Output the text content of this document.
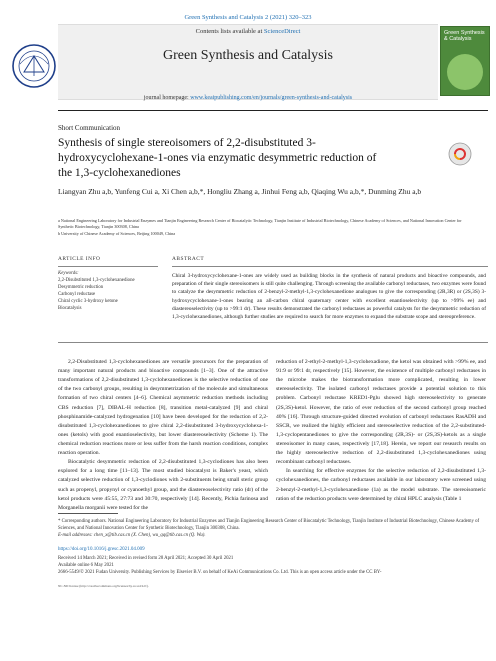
Green Synthesis and Catalysis 2 (2021) 320–323
Contents lists available at ScienceDirect
Green Synthesis and Catalysis
journal homepage: www.keaipublishing.com/en/journals/green-synthesis-and-catalysis
Green Synthesis & Catalysis
Short Communication
Synthesis of single stereoisomers of 2,2-disubstituted 3-hydroxycyclohexane-1-ones via enzymatic desymmetric reduction of the 1,3-cyclohexanediones
Liangyan Zhu a,b, Yunfeng Cui a, Xi Chen a,b,*, Hongliu Zhang a, Jinhui Feng a,b, Qiaqing Wu a,b,*, Dunming Zhu a,b
a National Engineering Laboratory for Industrial Enzymes and Tianjin Engineering Research Center of Biocatalytic Technology, Tianjin Institute of Industrial Biotechnology, Chinese Academy of Sciences, and National Innovation Center for Synthetic Biotechnology, Tianjin 300308, China
b University of Chinese Academy of Sciences, Beijing 100049, China
ARTICLE INFO	ABSTRACT
Keywords:
2,2-Disubstituted 1,3-cyclohexanedione
Desymmetric reduction
Carbonyl reductase
Chiral cyclic 3-hydroxy ketone
Biocatalysis
Chiral 3-hydroxycyclohexane-1-ones are widely used as building blocks in the synthesis of natural products and bioactive compounds, and preparation of their single stereoisomers is still quite challenging. Through screening the available carbonyl reductases, two enzymes were found to catalyze the desymmetric reduction of 2-benzyl-2-methyl-1,3-cyclohexanedione analogues to give the corresponding (2R,3R) or (2S,3S) 3-hydroxycyclohexane-1-ones bearing an all-carbon chiral quaternary center with excellent enantioselectivity (up to >99% ee) and diastereoselectivity (up to >99:1 dr). These results demonstrated the carbonyl reductases as powerful catalysts for the desymmetric reduction of 1,3-cyclohexanediones, although further studies are required to search for more enzymes to expand the substrate scope and stereopreference.

2,2-Disubstituted 1,3-cyclohexanediones are versatile precursors for the preparation of many important natural products and bioactive compounds [1–3]. One of the attractive transformations of 2,2-disubstituted 1,3-cyclohexanediones is the selective reduction of one of the two carbonyl groups, resulting in desymmetrization of the molecule and simultaneous formation of two chiral centers [4–6]. Chemical asymmetric reduction methods including CBS reduction [7], DIBAL-H reduction [8], transition metal-catalyzed [9] and chiral phosphinamide-catalyzed hydrogenation [10] have been developed for the reduction of 2,2-disubstituted 1,3-cyclohexanediones to give chiral 2,2-disubstituted 3-hydroxycyclohexa-1-ones (ketols) with good enantioselectivity, but lower diastereoselectivity (Scheme 1). The chemical reduction reactions more or less suffer from the harsh reaction conditions, complex reaction operation.

Biocatalytic desymmetric reduction of 2,2-disubstituted 1,3-cyclodiones has also been explored for a long time [11–13]. The most studied biocatalyst is Baker's yeast, which catalyzed selective reduction of 1,3-cyclodiones with 2-substituents being small steric group such as propenyl, propynyl or cyanoethyl group, and the diastereoselectivity ratio (dr) of the ketol products were 45:55, 27:73 and 30:70, respectively [14]. Recently, Pichia farinosa and Morganella morganii were tested for the

reduction of 2-ethyl-2-methyl-1,3-cyclohexadione, the ketol was obtained with >99% ee, and 91:9 or 99:1 dr, respectively [15]. However, the existence of multiple carbonyl reductases in the microbe makes the biotransformation more complicated, resulting in lower stereoselectivity. The isolated carbonyl reductases provide a potential solution to this problem. Carbonyl reductase KRED1-Pglu showed high stereoselectivity to generate (2S,3S)-ketol. However, the ratio of ever reduction of the second carbonyl group reached 40% [16]. Through structure-guided directed evolution of carbonyl reductases RasADH and SSCR, we realized the highly efficient and stereoselective reduction of the 2,2-substituted-1,3-cyclopentanediones to give the corresponding (2R,3S)- or (2S,3S)-ketols as a single stereoisomer in many cases, respectively [17,18]. Herein, we report our research results on the highly stereoselective reduction of 2,2-disubstituted 1,3-cyclohexanediones using recombinant carbonyl reductases.

In searching for effective enzymes for the selective reduction of 2,2-disubstituted 1,3-cyclohexanediones, the carbonyl reductases available in our laboratory were screened using 2-benzyl-2-methyl-1,3-cyclohexanedione (1a) as the model substrate. The stereoisomeric ration of the reduction products were determined by chiral HPLC analysis (Table 1

* Corresponding authors. National Engineering Laboratory for Industrial Enzymes and Tianjin Engineering Research Center of Biocatalytic Technology, Tianjin Institute of Industrial Biotechnology, Chinese Academy of Sciences, and National Innovation Center for Synthetic Biotechnology, Tianjin 300308, China.
E-mail addresses: chen_x@tib.cas.cn (X. Chen), wu_qq@tib.cas.cn (Q. Wu).
https://doi.org/10.1016/j.gresc.2021.04.009
Received 14 March 2021; Received in revised form 28 April 2021; Accepted 30 April 2021
Available online 6 May 2021
2666-5549/© 2021 Fudan University. Publishing Services by Elsevier B.V. on behalf of KeAi Communications Co. Ltd. This is an open access article under the CC BY-
NC-ND license (http://creativecommons.org/licenses/by-nc-nd/4.0/).
